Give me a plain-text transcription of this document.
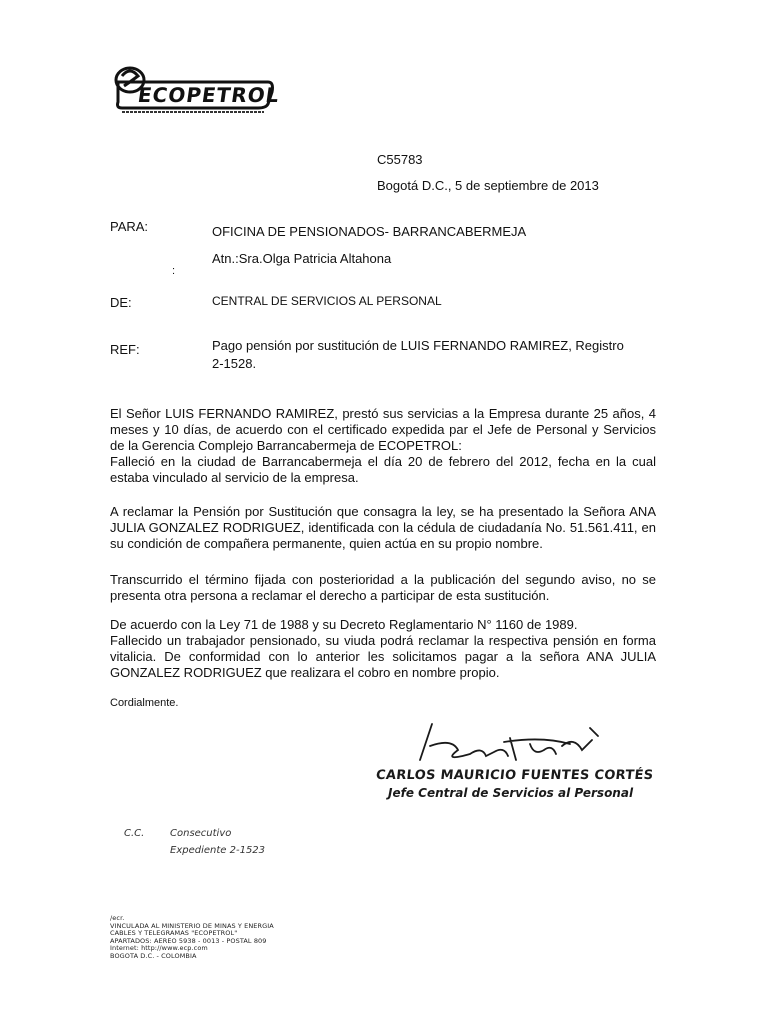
ECOPETROL
C55783
Bogotá D.C., 5 de septiembre de 2013
PARA:	OFICINA DE PENSIONADOS- BARRANCABERMEJA
Atn.:Sra.Olga Patricia Altahona
:
DE:	CENTRAL DE SERVICIOS AL PERSONAL
REF:	Pago pensión por sustitución de LUIS FERNANDO RAMIREZ, Registro
2-1528.

El Señor LUIS FERNANDO RAMIREZ, prestó sus servicias a la Empresa durante 25 años, 4 meses y 10 días, de acuerdo con el certificado expedida par el Jefe de Personal y Servicios de la Gerencia Complejo Barrancabermeja de ECOPETROL:

Falleció en la ciudad de Barrancabermeja el día 20 de febrero del 2012, fecha en la cual estaba vinculado al servicio de la empresa.

A reclamar la Pensión por Sustitución que consagra la ley, se ha presentado la Señora ANA JULIA GONZALEZ RODRIGUEZ, identificada con la cédula de ciudadanía No. 51.561.411, en su condición de compañera permanente, quien actúa en su propio nombre.

Transcurrido el término fijada con posterioridad a la publicación del segundo aviso, no se presenta otra persona a reclamar el derecho a participar de esta sustitución.

De acuerdo con la Ley 71 de 1988 y su Decreto Reglamentario N° 1160 de 1989.

Fallecido un trabajador pensionado, su viuda podrá reclamar la respectiva pensión en forma vitalicia. De conformidad con lo anterior les solicitamos pagar a la señora ANA JULIA GONZALEZ RODRIGUEZ que realizara el cobro en nombre propio.

Cordialmente.
CARLOS MAURICIO FUENTES CORTÉS
Jefe Central de Servicios al Personal
C.C.	Consecutivo
Expediente 2-1523
/ecr.
VINCULADA AL MINISTERIO DE MINAS Y ENERGIA
CABLES Y TELEGRAMAS "ECOPETROL"
APARTADOS: AEREO 5938 - 0013 - POSTAL 809
Internet: http://www.ecp.com
BOGOTA D.C. - COLOMBIA
